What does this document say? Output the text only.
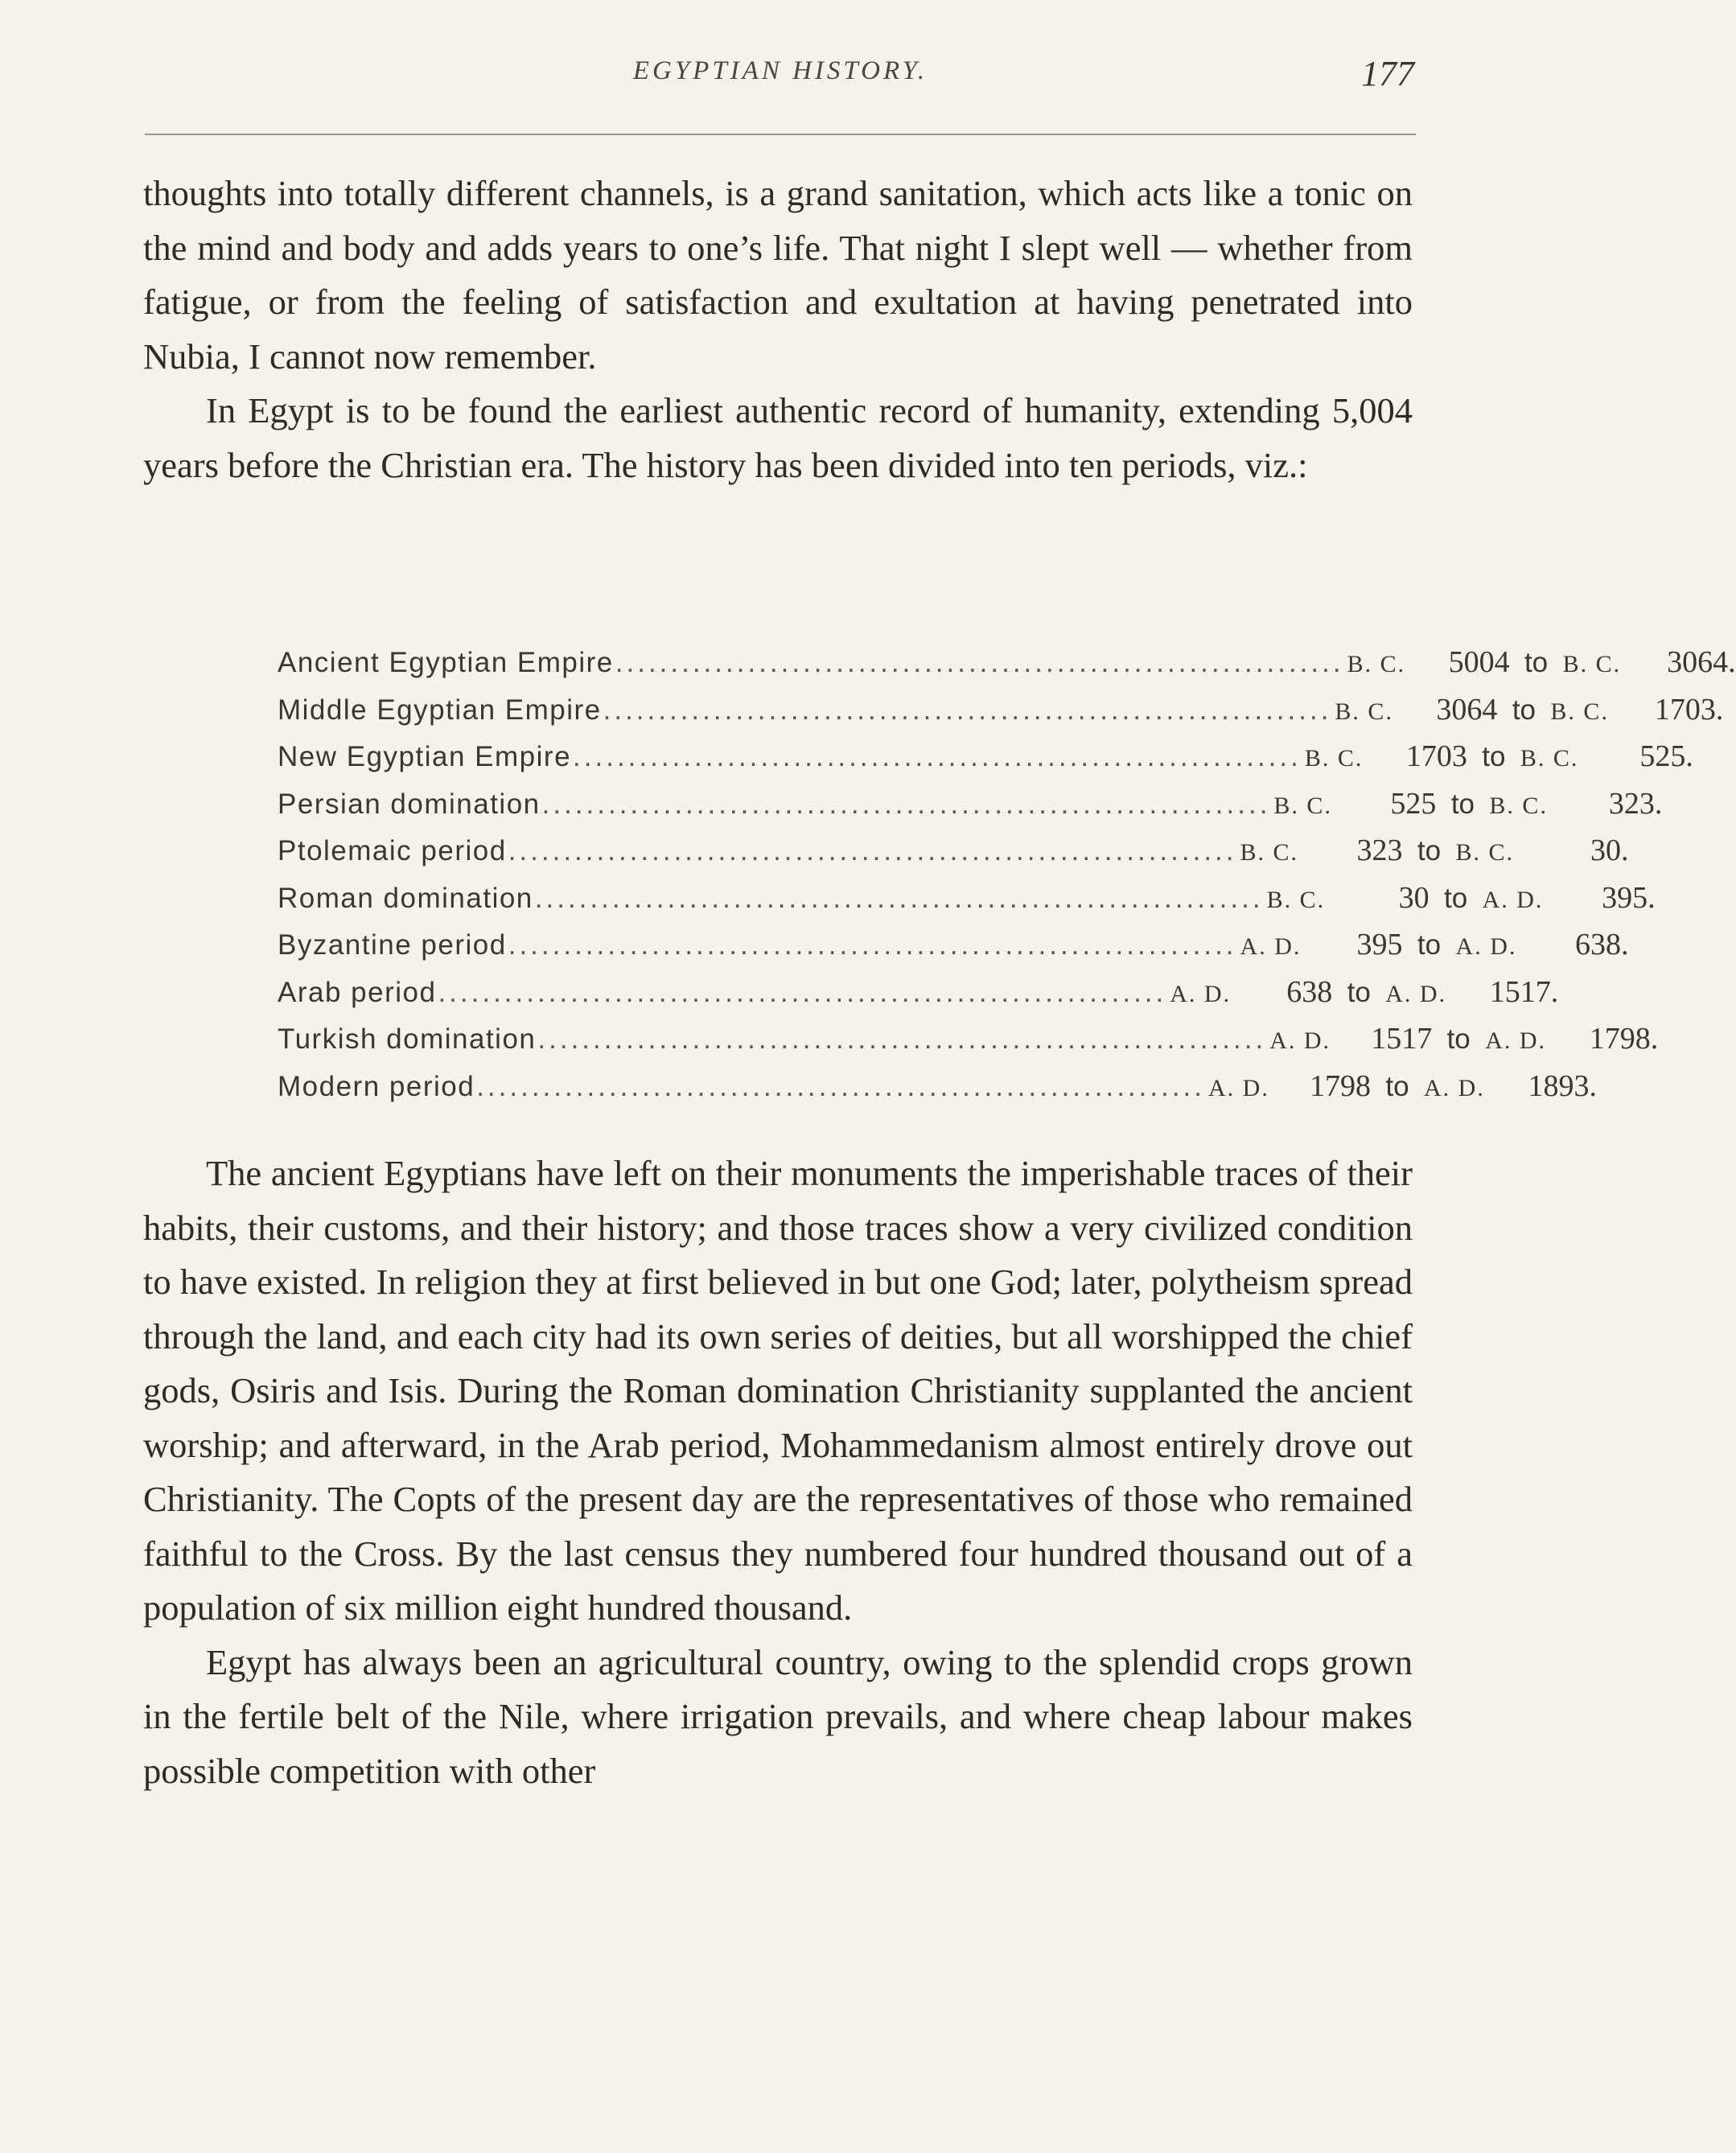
EGYPTIAN HISTORY.	177

thoughts into totally different channels, is a grand sanitation, which acts like a tonic on the mind and body and adds years to one’s life. That night I slept well — whether from fatigue, or from the feeling of satisfaction and exultation at having penetrated into Nubia, I cannot now remember.

In Egypt is to be found the earliest authentic record of humanity, extending 5,004 years before the Christian era. The history has been divided into ten periods, viz.:

Ancient Egyptian Empire .................................................................. B. C.	5004 to B. C.	3064.
Middle Egyptian Empire .................................................................. B. C.	3064 to B. C.	1703.
New Egyptian Empire .................................................................. B. C.	1703 to B. C.	525.
Persian domination .................................................................. B. C.	525 to B. C.	323.
Ptolemaic period .................................................................. B. C.	323 to B. C.	30.
Roman domination .................................................................. B. C.	30 to A. D.	395.
Byzantine period .................................................................. A. D.	395 to A. D.	638.
Arab period .................................................................. A. D.	638 to A. D.	1517.
Turkish domination .................................................................. A. D.	1517 to A. D.	1798.
Modern period .................................................................. A. D.	1798 to A. D.	1893.

The ancient Egyptians have left on their monuments the imperishable traces of their habits, their customs, and their history; and those traces show a very civilized condition to have existed. In religion they at first believed in but one God; later, polytheism spread through the land, and each city had its own series of deities, but all worshipped the chief gods, Osiris and Isis. During the Roman domination Christianity supplanted the ancient worship; and afterward, in the Arab period, Mohammedanism almost entirely drove out Christianity. The Copts of the present day are the representatives of those who remained faithful to the Cross. By the last census they numbered four hundred thousand out of a population of six million eight hundred thousand.

Egypt has always been an agricultural country, owing to the splendid crops grown in the fertile belt of the Nile, where irrigation prevails, and where cheap labour makes possible competition with other
